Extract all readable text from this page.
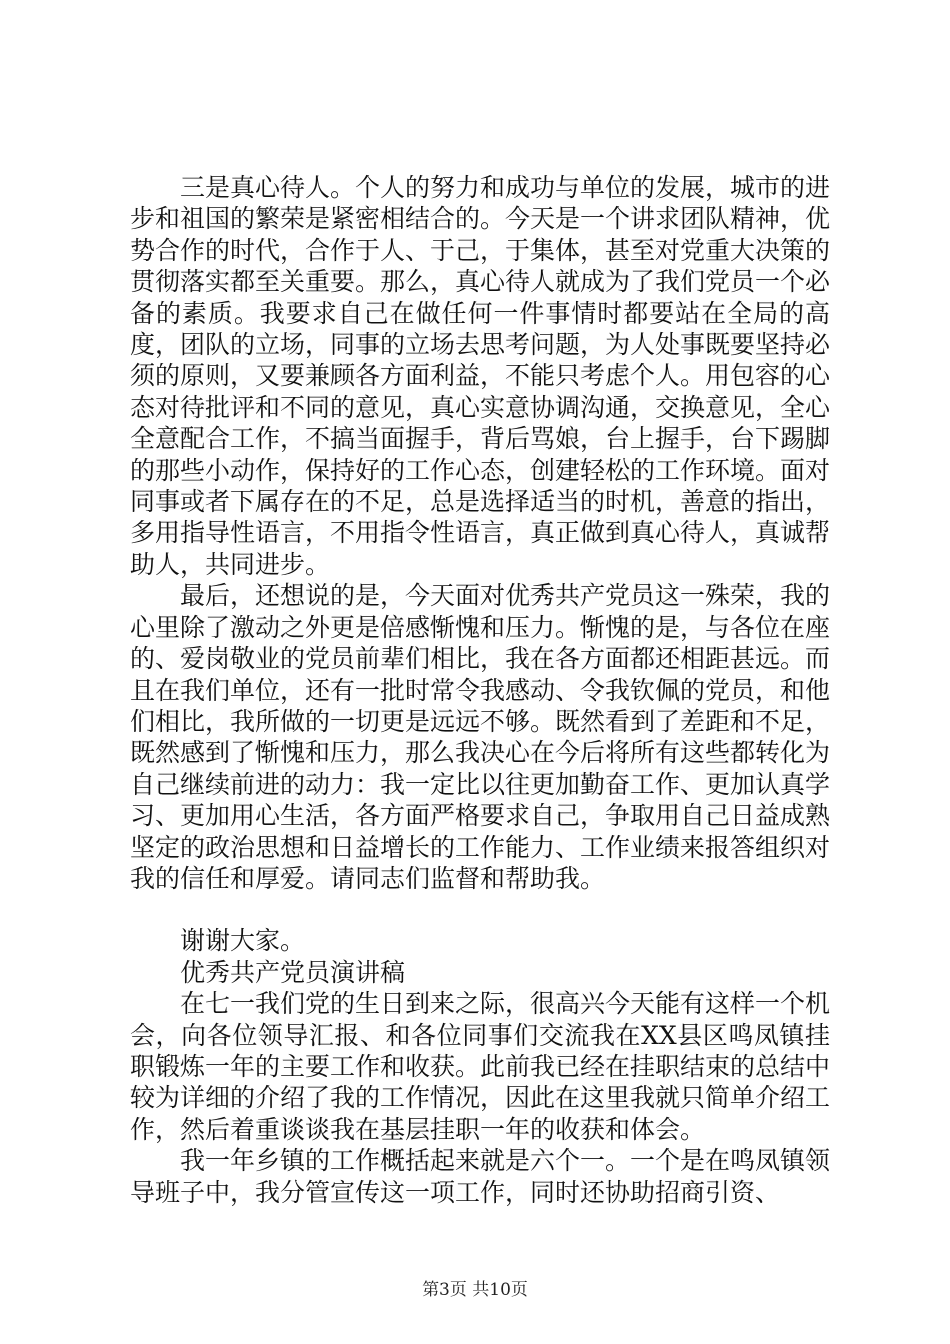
三是真心待人。个人的努力和成功与单位的发展，城市的进步和祖国的繁荣是紧密相结合的。今天是一个讲求团队精神，优势合作的时代，合作于人、于己，于集体，甚至对党重大决策的贯彻落实都至关重要。那么，真心待人就成为了我们党员一个必备的素质。我要求自己在做任何一件事情时都要站在全局的高度，团队的立场，同事的立场去思考问题，为人处事既要坚持必须的原则，又要兼顾各方面利益，不能只考虑个人。用包容的心态对待批评和不同的意见，真心实意协调沟通，交换意见，全心全意配合工作，不搞当面握手，背后骂娘，台上握手，台下踢脚的那些小动作，保持好的工作心态，创建轻松的工作环境。面对同事或者下属存在的不足，总是选择适当的时机，善意的指出，多用指导性语言，不用指令性语言，真正做到真心待人，真诚帮助人，共同进步。

最后，还想说的是，今天面对优秀共产党员这一殊荣，我的心里除了激动之外更是倍感惭愧和压力。惭愧的是，与各位在座的、爱岗敬业的党员前辈们相比，我在各方面都还相距甚远。而且在我们单位，还有一批时常令我感动、令我钦佩的党员，和他们相比，我所做的一切更是远远不够。既然看到了差距和不足，既然感到了惭愧和压力，那么我决心在今后将所有这些都转化为自己继续前进的动力：我一定比以往更加勤奋工作、更加认真学习、更加用心生活，各方面严格要求自己，争取用自己日益成熟坚定的政治思想和日益增长的工作能力、工作业绩来报答组织对我的信任和厚爱。请同志们监督和帮助我。

谢谢大家。

优秀共产党员演讲稿

在七一我们党的生日到来之际，很高兴今天能有这样一个机会，向各位领导汇报、和各位同事们交流我在XX县区鸣凤镇挂职锻炼一年的主要工作和收获。此前我已经在挂职结束的总结中较为详细的介绍了我的工作情况，因此在这里我就只简单介绍工作，然后着重谈谈我在基层挂职一年的收获和体会。

我一年乡镇的工作概括起来就是六个一。一个是在鸣凤镇领导班子中，我分管宣传这一项工作，同时还协助招商引资、

第3页 共10页
